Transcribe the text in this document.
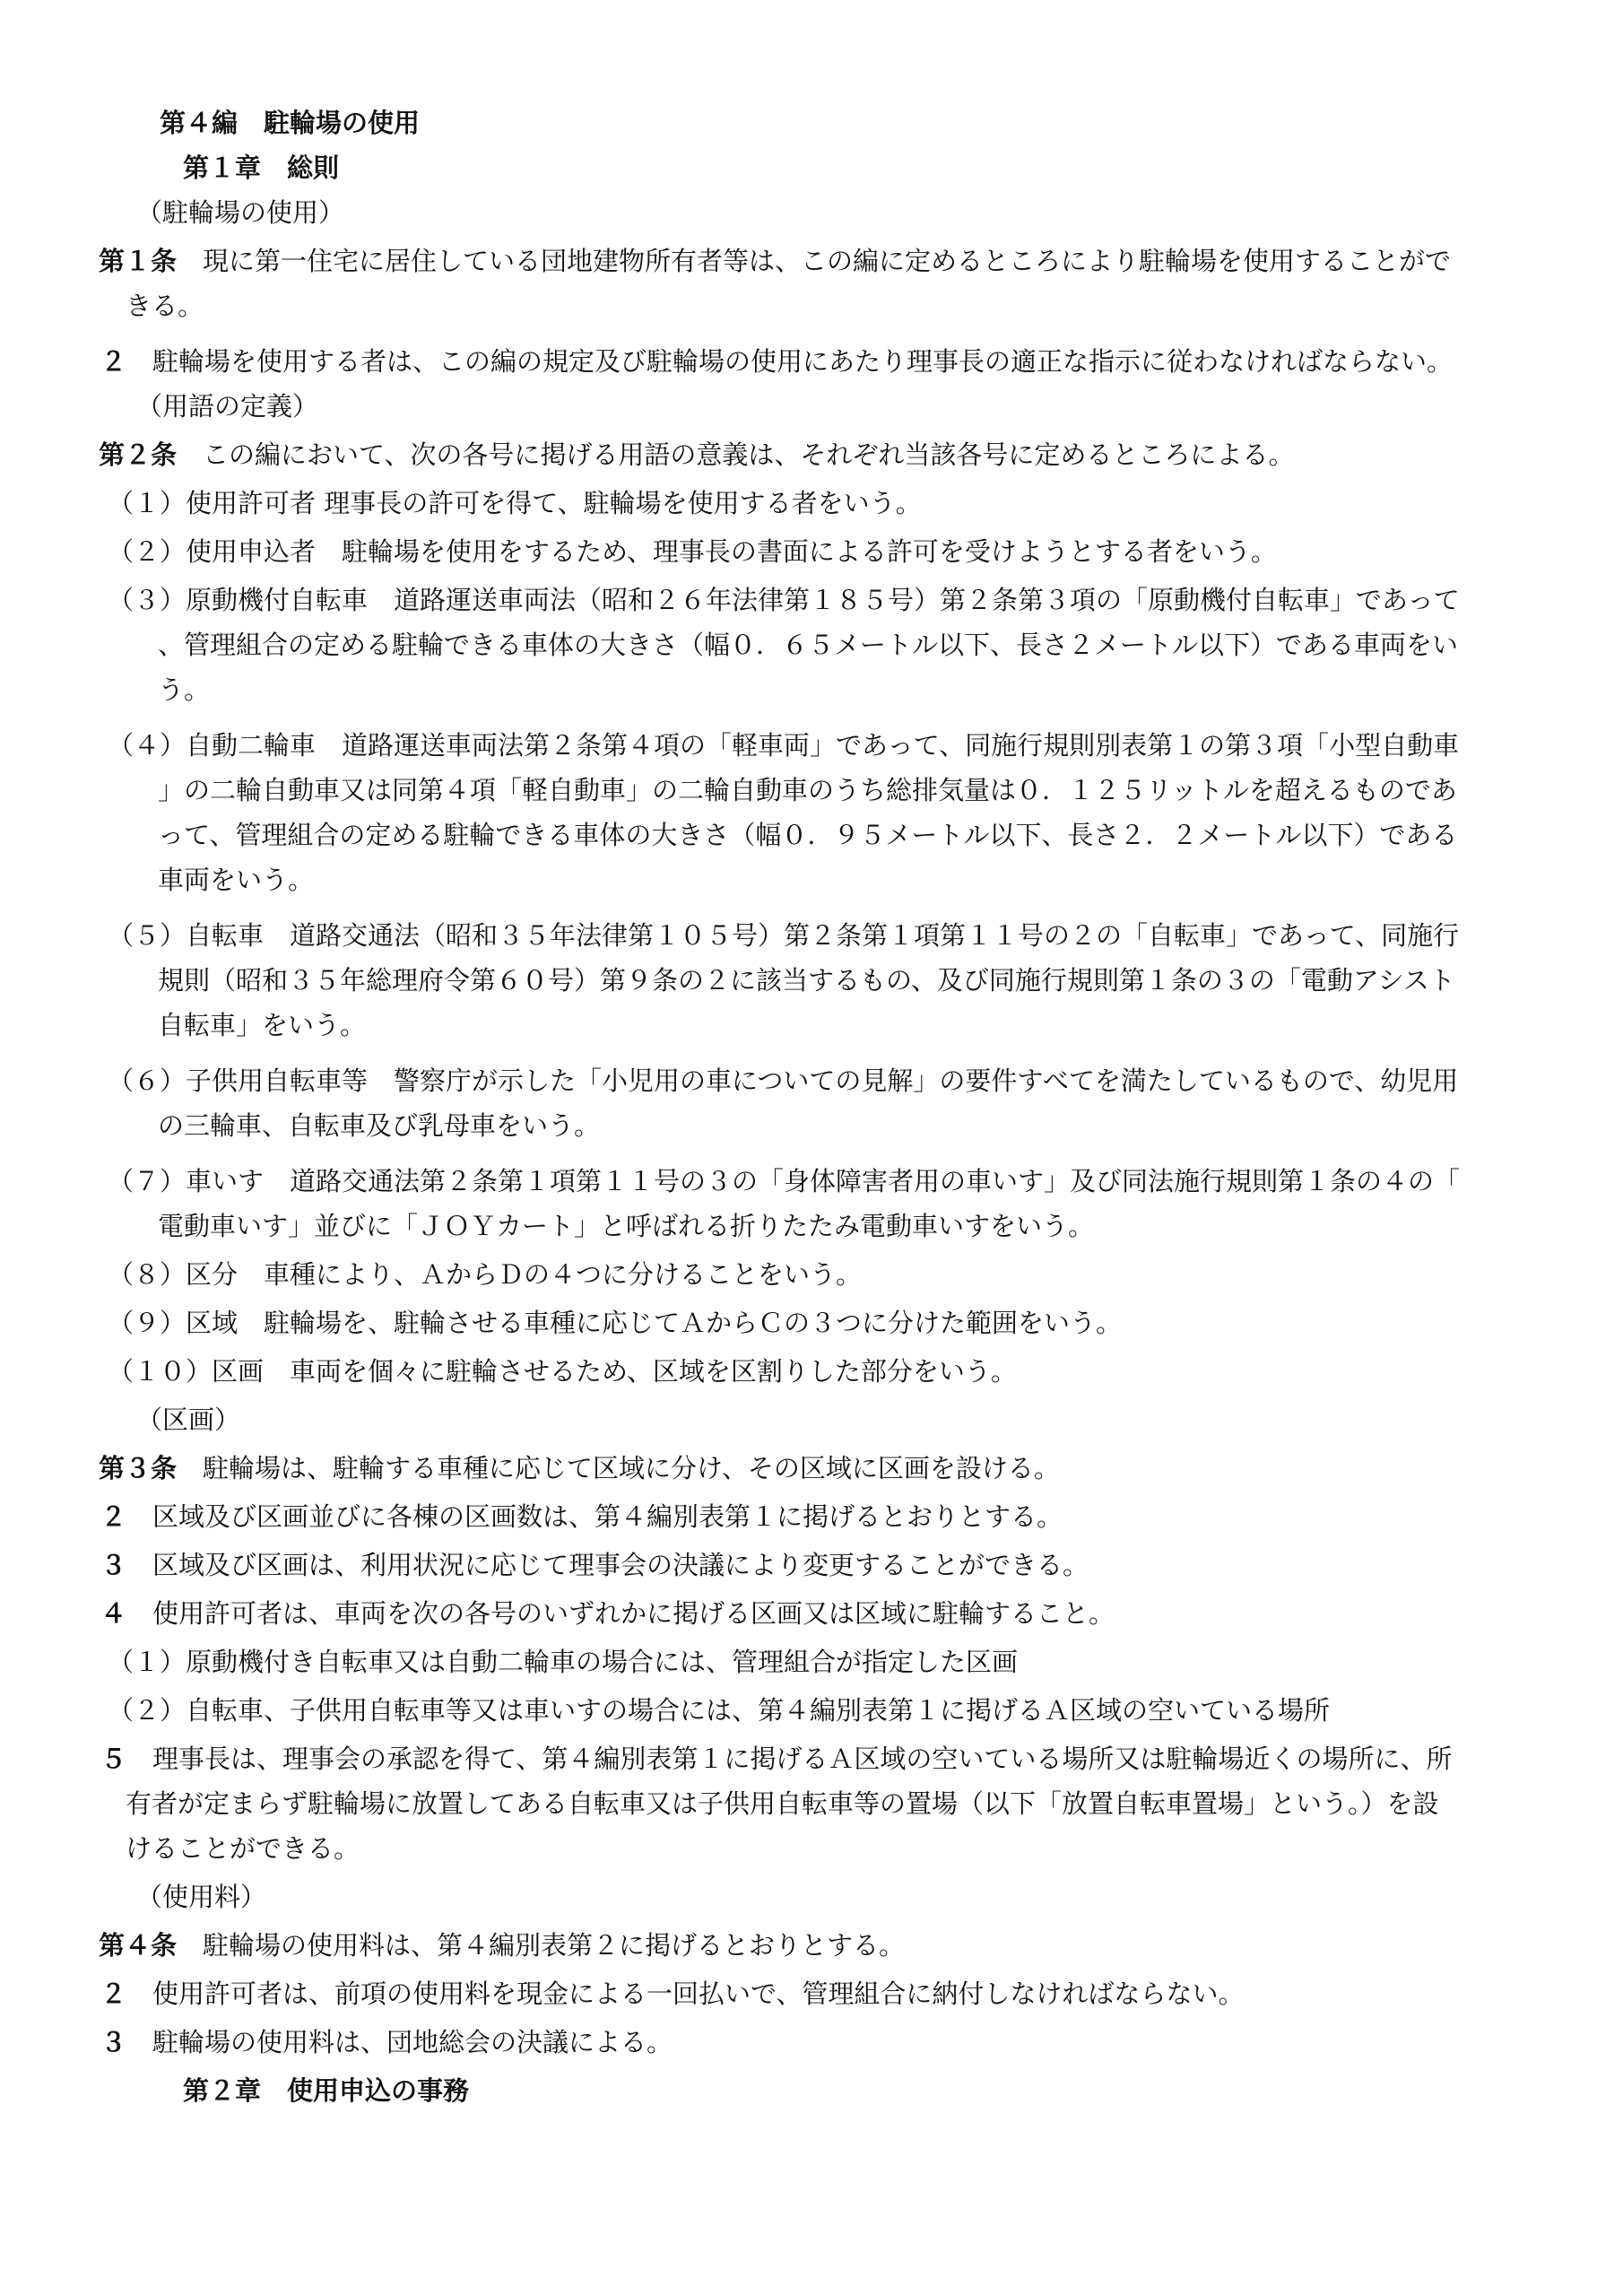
第４編　駐輪場の使用
第１章　総則
（駐輪場の使用）
第１条　現に第一住宅に居住している団地建物所有者等は、この編に定めるところにより駐輪場を使用することがで
きる。
２　駐輪場を使用する者は、この編の規定及び駐輪場の使用にあたり理事長の適正な指示に従わなければならない。
（用語の定義）
第２条　この編において、次の各号に掲げる用語の意義は、それぞれ当該各号に定めるところによる。
（１）使用許可者 理事長の許可を得て、駐輪場を使用する者をいう。
（２）使用申込者　駐輪場を使用をするため、理事長の書面による許可を受けようとする者をいう。
（３）原動機付自転車　道路運送車両法（昭和２６年法律第１８５号）第２条第３項の「原動機付自転車」であって
、管理組合の定める駐輪できる車体の大きさ（幅０．６５メートル以下、長さ２メートル以下）である車両をい
う。
（４）自動二輪車　道路運送車両法第２条第４項の「軽車両」であって、同施行規則別表第１の第３項「小型自動車
」の二輪自動車又は同第４項「軽自動車」の二輪自動車のうち総排気量は０．１２５リットルを超えるものであ
って、管理組合の定める駐輪できる車体の大きさ（幅０．９５メートル以下、長さ２．２メートル以下）である
車両をいう。
（５）自転車　道路交通法（昭和３５年法律第１０５号）第２条第１項第１１号の２の「自転車」であって、同施行
規則（昭和３５年総理府令第６０号）第９条の２に該当するもの、及び同施行規則第１条の３の「電動アシスト
自転車」をいう。
（６）子供用自転車等　警察庁が示した「小児用の車についての見解」の要件すべてを満たしているもので、幼児用
の三輪車、自転車及び乳母車をいう。
（７）車いす　道路交通法第２条第１項第１１号の３の「身体障害者用の車いす」及び同法施行規則第１条の４の「
電動車いす」並びに「ＪＯＹカート」と呼ばれる折りたたみ電動車いすをいう。
（８）区分　車種により、ＡからＤの４つに分けることをいう。
（９）区域　駐輪場を、駐輪させる車種に応じてＡからＣの３つに分けた範囲をいう。
（１０）区画　車両を個々に駐輪させるため、区域を区割りした部分をいう。
（区画）
第３条　駐輪場は、駐輪する車種に応じて区域に分け、その区域に区画を設ける。
２　区域及び区画並びに各棟の区画数は、第４編別表第１に掲げるとおりとする。
３　区域及び区画は、利用状況に応じて理事会の決議により変更することができる。
４　使用許可者は、車両を次の各号のいずれかに掲げる区画又は区域に駐輪すること。
（１）原動機付き自転車又は自動二輪車の場合には、管理組合が指定した区画
（２）自転車、子供用自転車等又は車いすの場合には、第４編別表第１に掲げるＡ区域の空いている場所
５　理事長は、理事会の承認を得て、第４編別表第１に掲げるＡ区域の空いている場所又は駐輪場近くの場所に、所
有者が定まらず駐輪場に放置してある自転車又は子供用自転車等の置場（以下「放置自転車置場」という。）を設
けることができる。
（使用料）
第４条　駐輪場の使用料は、第４編別表第２に掲げるとおりとする。
２　使用許可者は、前項の使用料を現金による一回払いで、管理組合に納付しなければならない。
３　駐輪場の使用料は、団地総会の決議による。
第２章　使用申込の事務
